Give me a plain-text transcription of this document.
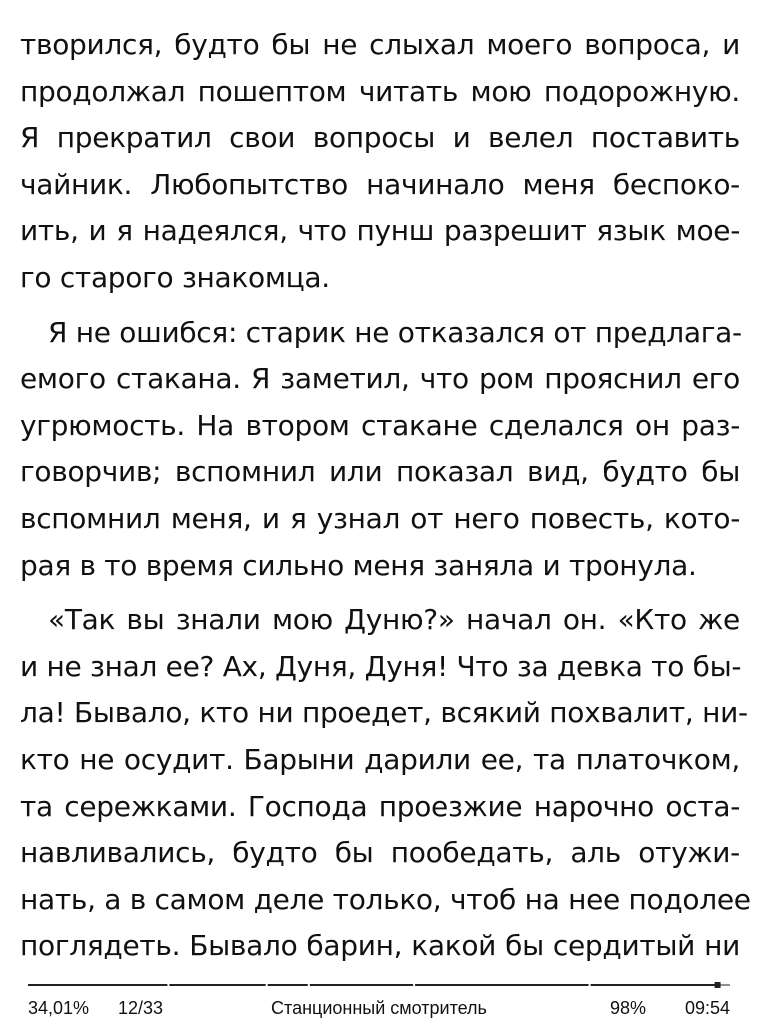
творился, будто бы не слыхал моего вопроса, и
продолжал пошептом читать мою подорожную.
Я прекратил свои вопросы и велел поставить
чайник. Любопытство начинало меня беспоко-
ить, и я надеялся, что пунш разрешит язык мое-
го старого знакомца.

Я не ошибся: старик не отказался от предлага-
емого стакана. Я заметил, что ром прояснил его
угрюмость. На втором стакане сделался он раз-
говорчив; вспомнил или показал вид, будто бы
вспомнил меня, и я узнал от него повесть, кото-
рая в то время сильно меня заняла и тронула.

«Так вы знали мою Дуню?» начал он. «Кто же
и не знал ее? Ах, Дуня, Дуня! Что за девка то бы-
ла! Бывало, кто ни проедет, всякий похвалит, ни-
кто не осудит. Барыни дарили ее, та платочком,
та сережками. Господа проезжие нарочно оста-
навливались, будто бы пообедать, аль отужи-
нать, а в самом деле только, чтоб на нее подолее
поглядеть. Бывало барин, какой бы сердитый ни

34,01% 12/33	Станционный смотритель	98% 09:54
